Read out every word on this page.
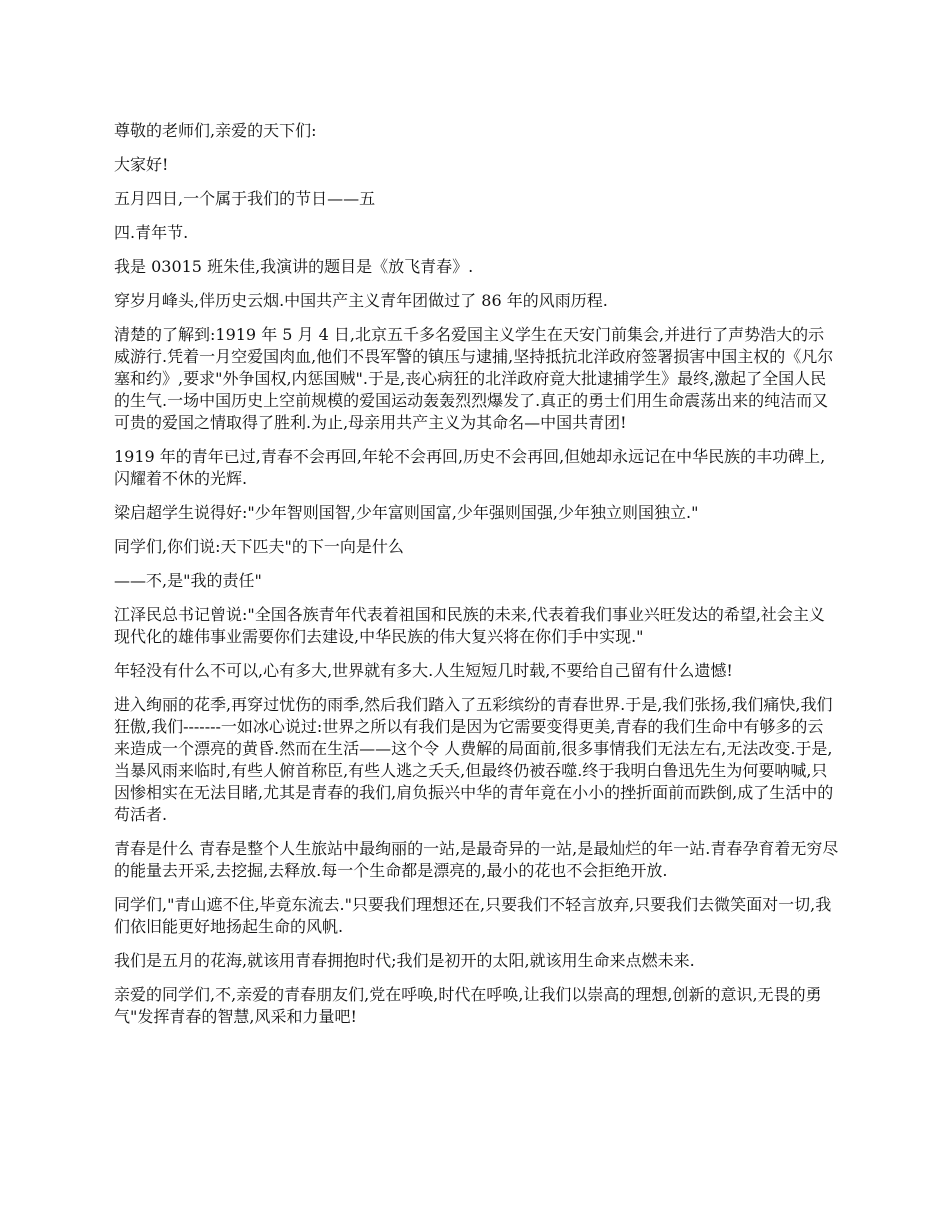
尊敬的老师们,亲爱的天下们:

大家好!

五月四日,一个属于我们的节日——五

四.青年节.

我是 03015 班朱佳,我演讲的题目是《放飞青春》.

穿岁月峰头,伴历史云烟.中国共产主义青年团做过了 86 年的风雨历程.

清楚的了解到:1919 年 5 月 4 日,北京五千多名爱国主义学生在天安门前集会,并进行了声势浩大的示威游行.凭着一月空爱国肉血,他们不畏军警的镇压与逮捕,坚持抵抗北洋政府签署损害中国主权的《凡尔塞和约》,要求"外争国权,内惩国贼".于是,丧心病狂的北洋政府竟大批逮捕学生》最终,激起了全国人民的生气.一场中国历史上空前规模的爱国运动轰轰烈烈爆发了.真正的勇士们用生命震荡出来的纯洁而又可贵的爱国之情取得了胜利.为止,母亲用共产主义为其命名—中国共青团!

1919 年的青年已过,青春不会再回,年轮不会再回,历史不会再回,但她却永远记在中华民族的丰功碑上,闪耀着不休的光辉.

梁启超学生说得好:"少年智则国智,少年富则国富,少年强则国强,少年独立则国独立."

同学们,你们说:天下匹夫"的下一向是什么

——不,是"我的责任"

江泽民总书记曾说:"全国各族青年代表着祖国和民族的未来,代表着我们事业兴旺发达的希望,社会主义现代化的雄伟事业需要你们去建设,中华民族的伟大复兴将在你们手中实现."

年轻没有什么不可以,心有多大,世界就有多大.人生短短几时载,不要给自己留有什么遗憾!

进入绚丽的花季,再穿过忧伤的雨季,然后我们踏入了五彩缤纷的青春世界.于是,我们张扬,我们痛快,我们狂傲,我们-------一如冰心说过:世界之所以有我们是因为它需要变得更美,青春的我们生命中有够多的云 来造成一个漂亮的黄昏.然而在生活——这个令 人费解的局面前,很多事情我们无法左右,无法改变.于是,当暴风雨来临时,有些人俯首称臣,有些人逃之夭夭,但最终仍被吞噬.终于我明白鲁迅先生为何要呐喊,只因惨相实在无法目睹,尤其是青春的我们,肩负振兴中华的青年竟在小小的挫折面前而跌倒,成了生活中的苟活者.

青春是什么 青春是整个人生旅站中最绚丽的一站,是最奇异的一站,是最灿烂的年一站.青春孕育着无穷尽的能量去开采,去挖掘,去释放.每一个生命都是漂亮的,最小的花也不会拒绝开放.

同学们,"青山遮不住,毕竟东流去."只要我们理想还在,只要我们不轻言放弃,只要我们去微笑面对一切,我们依旧能更好地扬起生命的风帆.

我们是五月的花海,就该用青春拥抱时代;我们是初开的太阳,就该用生命来点燃未来.

亲爱的同学们,不,亲爱的青春朋友们,党在呼唤,时代在呼唤,让我们以崇高的理想,创新的意识,无畏的勇气"发挥青春的智慧,风采和力量吧!
